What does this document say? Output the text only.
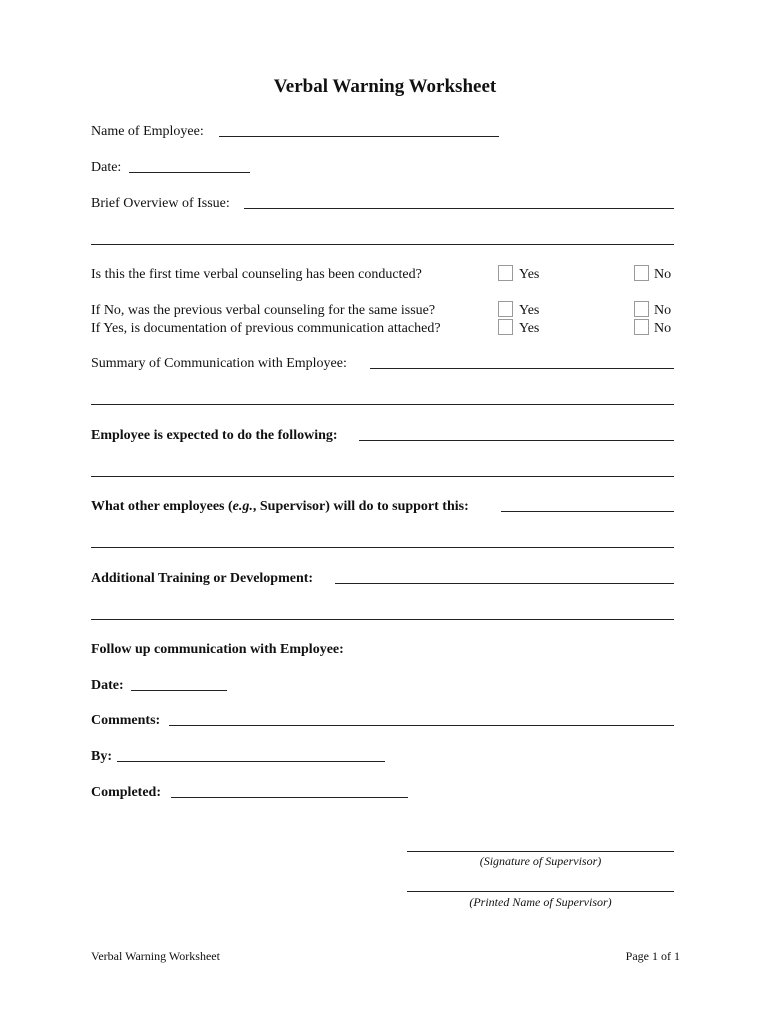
Verbal Warning Worksheet
Name of Employee:
Date:
Brief Overview of Issue:
Is this the first time verbal counseling has been conducted?	Yes	No
If No, was the previous verbal counseling for the same issue?	Yes	No
If Yes, is documentation of previous communication attached?	Yes	No
Summary of Communication with Employee:
Employee is expected to do the following:
What other employees (e.g., Supervisor) will do to support this:
Additional Training or Development:
Follow up communication with Employee:
Date:
Comments:
By:
Completed:
(Signature of Supervisor)
(Printed Name of Supervisor)
Verbal Warning Worksheet	Page 1 of 1
